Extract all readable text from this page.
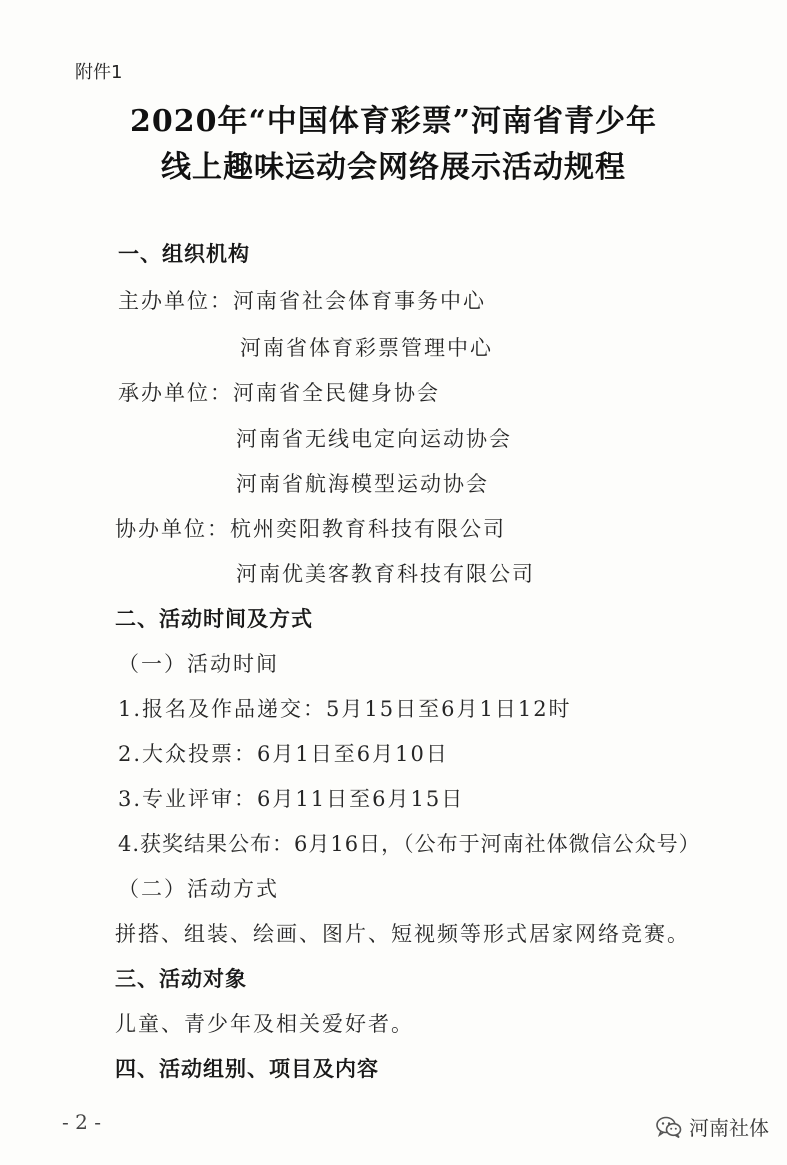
附件1
2020年“中国体育彩票”河南省青少年
线上趣味运动会网络展示活动规程
一、组织机构
主办单位：河南省社会体育事务中心
河南省体育彩票管理中心
承办单位：河南省全民健身协会
河南省无线电定向运动协会
河南省航海模型运动协会
协办单位：杭州奕阳教育科技有限公司
河南优美客教育科技有限公司
二、活动时间及方式
（一）活动时间
1.报名及作品递交：5月15日至6月1日12时
2.大众投票：6月1日至6月10日
3.专业评审：6月11日至6月15日
4.获奖结果公布：6月16日，（公布于河南社体微信公众号）
（二）活动方式
拼搭、组装、绘画、图片、短视频等形式居家网络竞赛。
三、活动对象
儿童、青少年及相关爱好者。
四、活动组别、项目及内容
- 2 -	河南社体
